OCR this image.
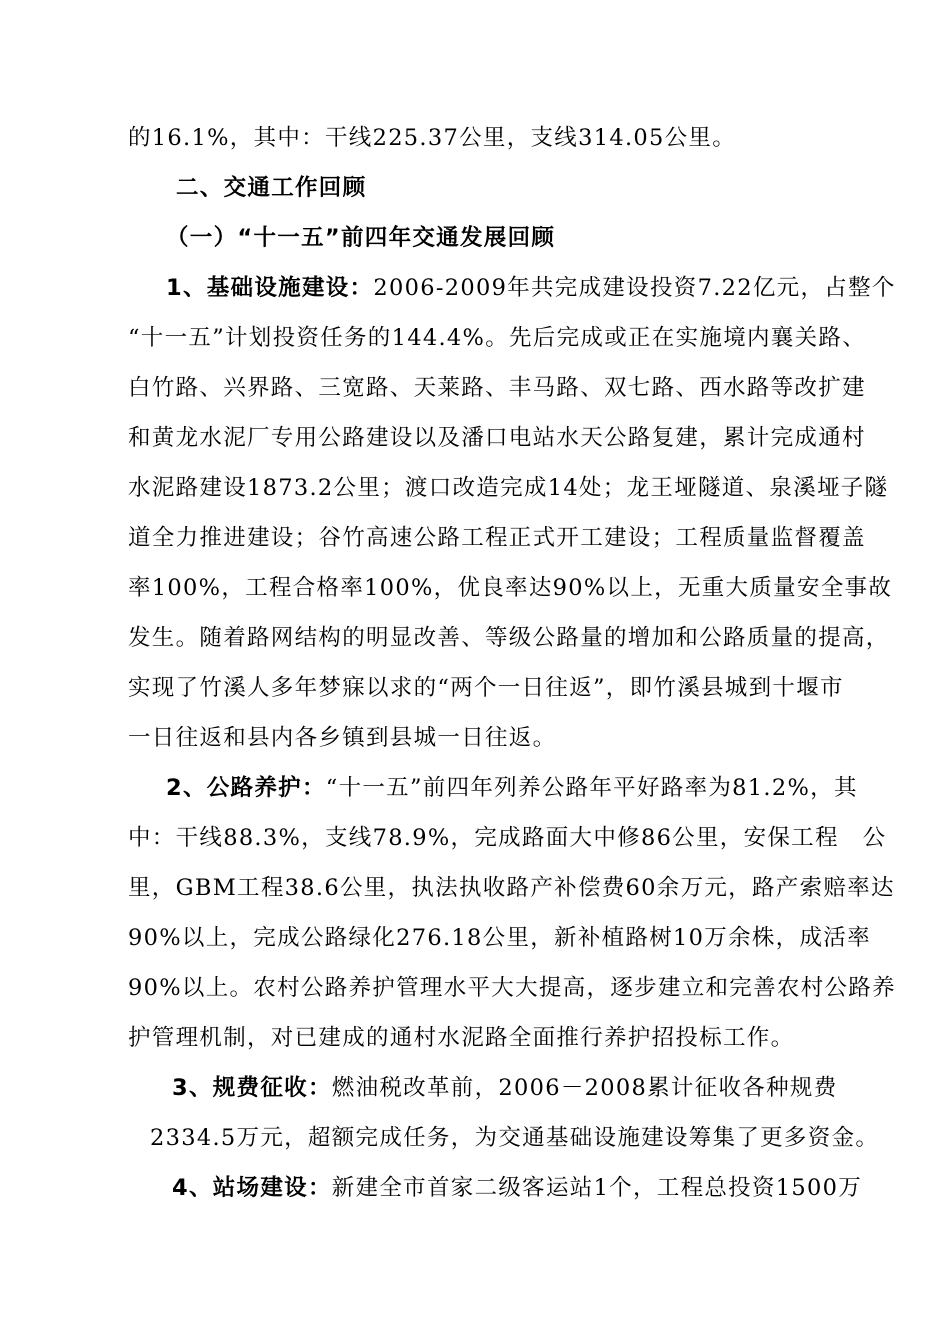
的16.1%，其中：干线225.37公里，支线314.05公里。
二、交通工作回顾
（一）“十一五”前四年交通发展回顾
1、基础设施建设：2006-2009年共完成建设投资7.22亿元，占整个
“十一五”计划投资任务的144.4%。先后完成或正在实施境内襄关路、
白竹路、兴界路、三宽路、天莱路、丰马路、双七路、西水路等改扩建
和黄龙水泥厂专用公路建设以及潘口电站水天公路复建，累计完成通村
水泥路建设1873.2公里；渡口改造完成14处；龙王垭隧道、泉溪垭子隧
道全力推进建设；谷竹高速公路工程正式开工建设；工程质量监督覆盖
率100%，工程合格率100%，优良率达90%以上，无重大质量安全事故
发生。随着路网结构的明显改善、等级公路量的增加和公路质量的提高，
实现了竹溪人多年梦寐以求的“两个一日往返”，即竹溪县城到十堰市
一日往返和县内各乡镇到县城一日往返。
2、公路养护：“十一五”前四年列养公路年平好路率为81.2%，其
中：干线88.3%，支线78.9%，完成路面大中修86公里，安保工程　公
里，GBM工程38.6公里，执法执收路产补偿费60余万元，路产索赔率达
90%以上，完成公路绿化276.18公里，新补植路树10万余株，成活率
90%以上。农村公路养护管理水平大大提高，逐步建立和完善农村公路养
护管理机制，对已建成的通村水泥路全面推行养护招投标工作。
3、规费征收：燃油税改革前，2006－2008累计征收各种规费
2334.5万元，超额完成任务，为交通基础设施建设筹集了更多资金。
4、站场建设：新建全市首家二级客运站1个，工程总投资1500万
